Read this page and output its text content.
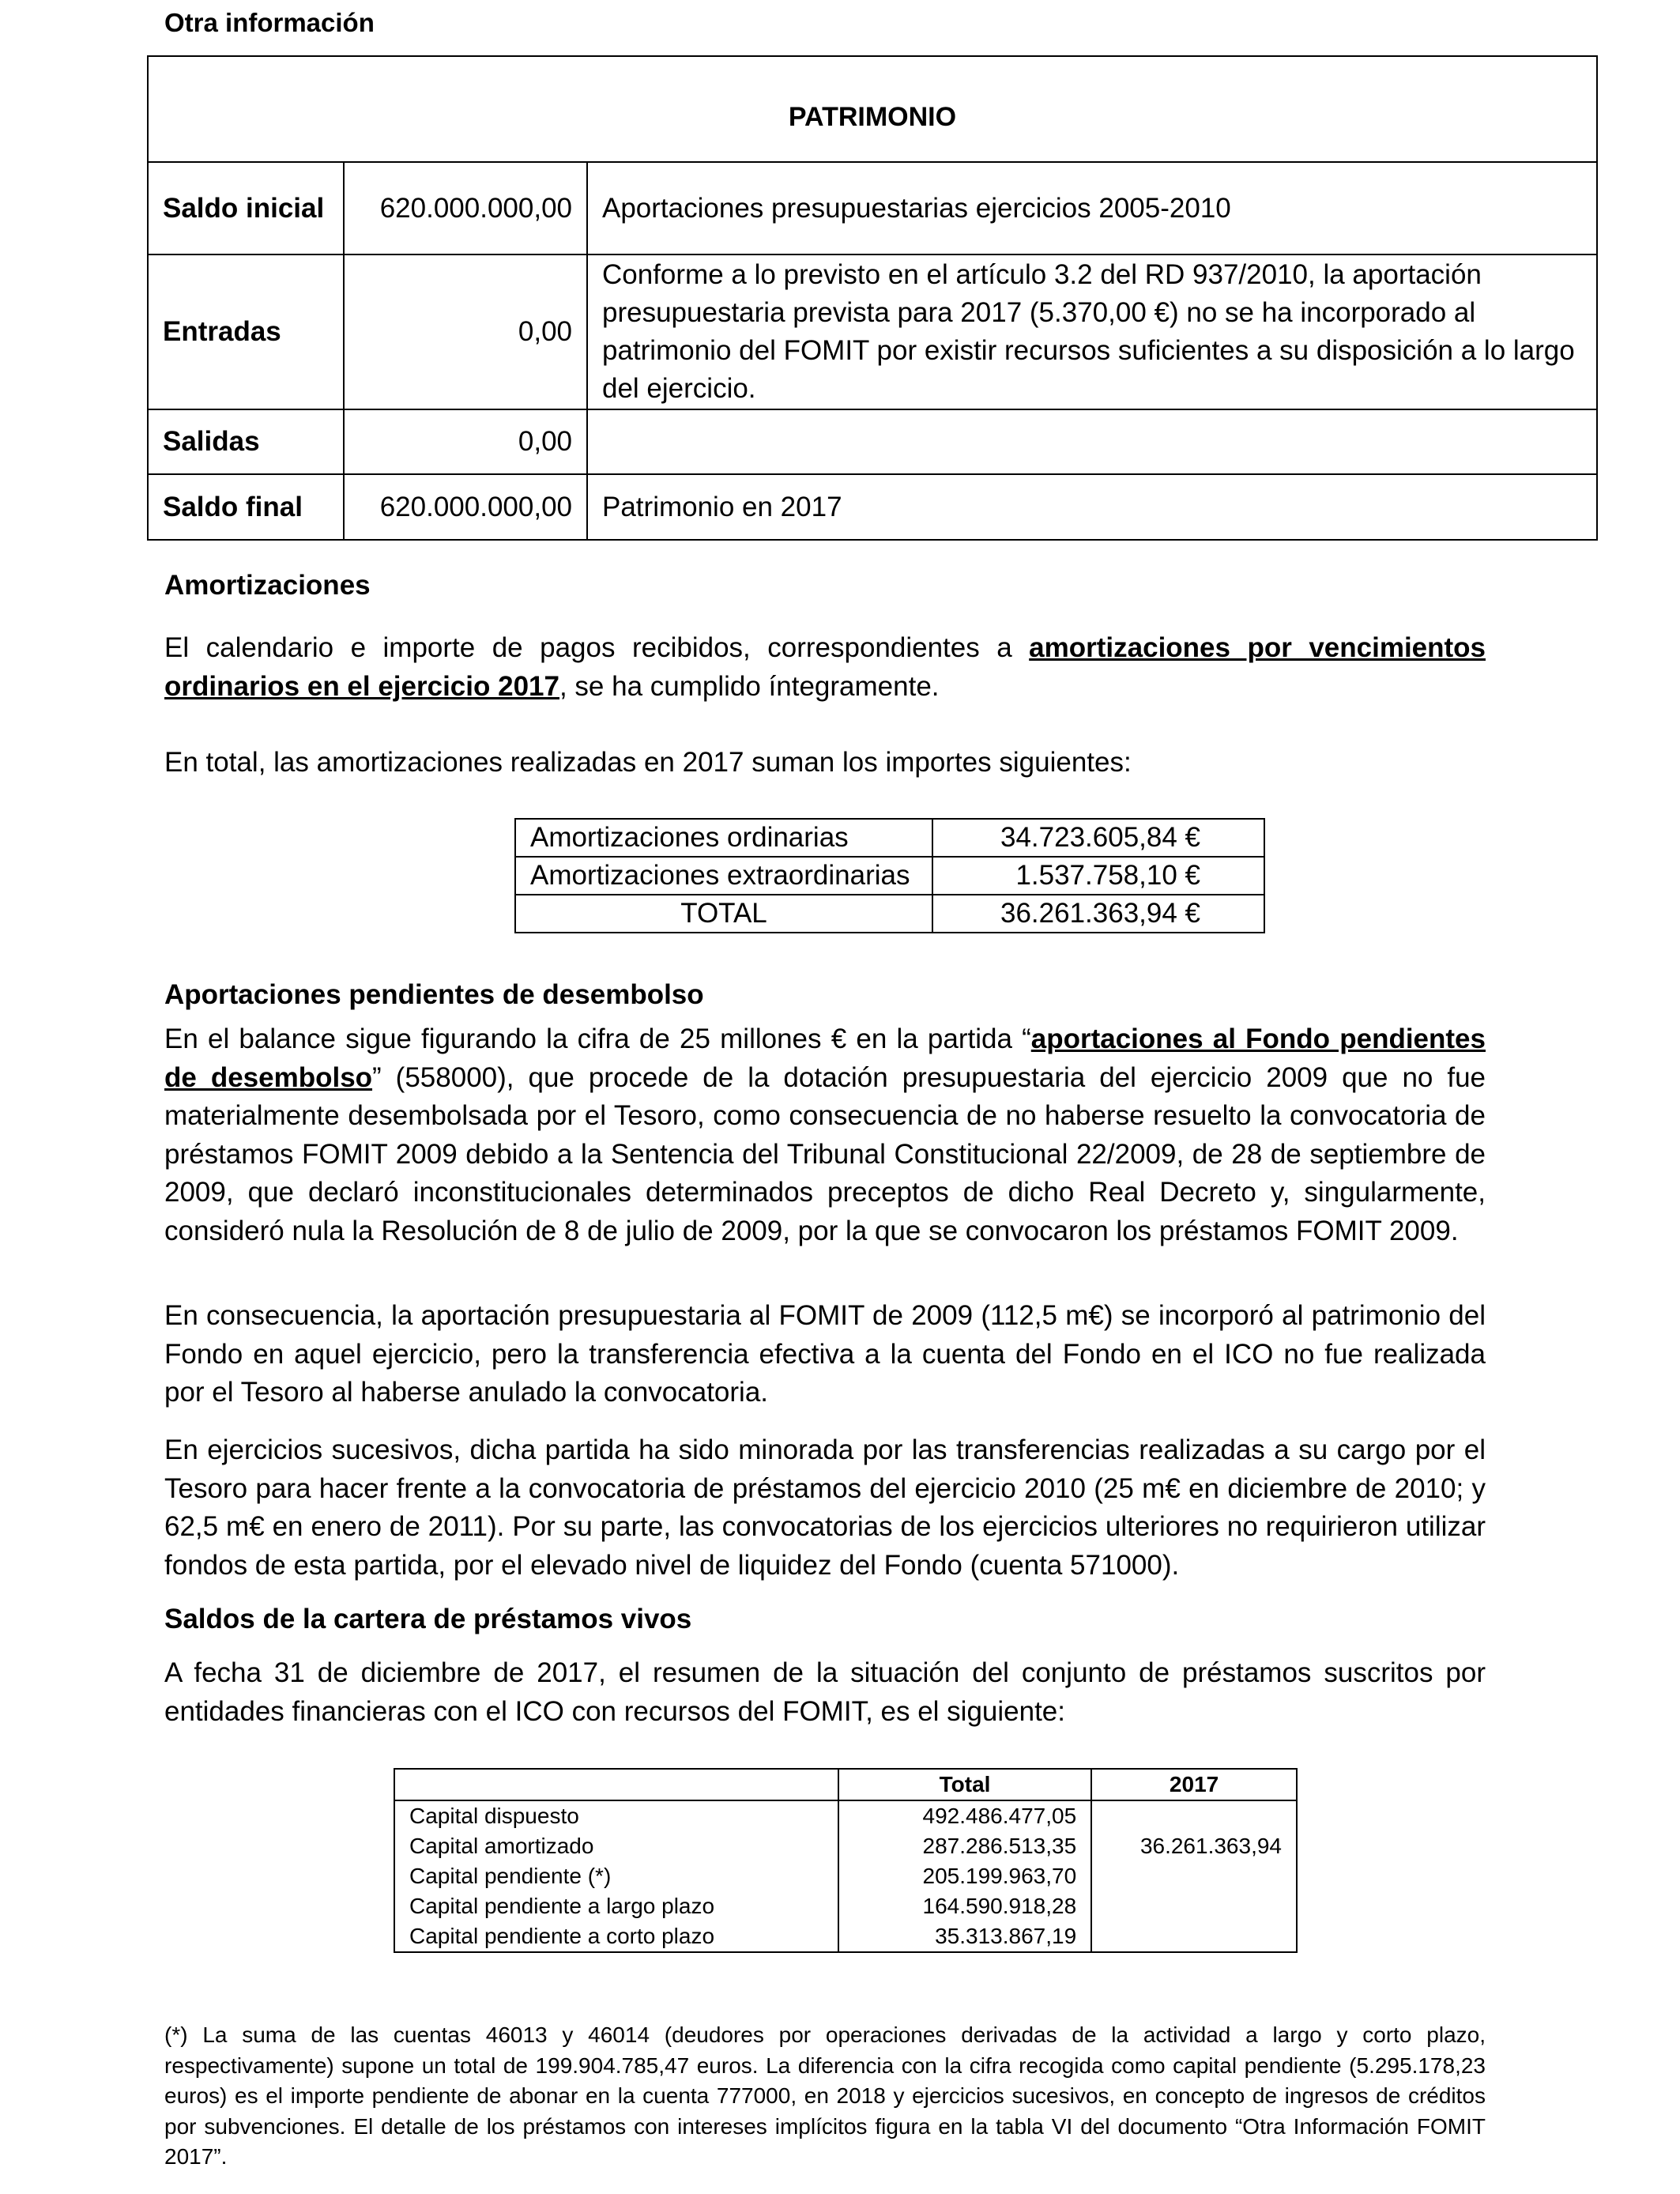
Otra información
PATRIMONIO		
Saldo inicial	620.000.000,00	Aportaciones presupuestarias ejercicios 2005-2010
Entradas	0,00	Conforme a lo previsto en el artículo 3.2 del RD 937/2010, la aportación presupuestaria prevista para 2017 (5.370,00 €) no se ha incorporado al patrimonio del FOMIT por existir recursos suficientes a su disposición a lo largo del ejercicio.
Salidas	0,00	
Saldo final	620.000.000,00	Patrimonio en 2017
Amortizaciones

El calendario e importe de pagos recibidos, correspondientes a amortizaciones por vencimientos ordinarios en el ejercicio 2017, se ha cumplido íntegramente.

En total, las amortizaciones realizadas en 2017 suman los importes siguientes:

Amortizaciones ordinarias	34.723.605,84 €
Amortizaciones extraordinarias	1.537.758,10 €
TOTAL	36.261.363,94 €
Aportaciones pendientes de desembolso

En el balance sigue figurando la cifra de 25 millones € en la partida “aportaciones al Fondo pendientes de desembolso” (558000), que procede de la dotación presupuestaria del ejercicio 2009 que no fue materialmente desembolsada por el Tesoro, como consecuencia de no haberse resuelto la convocatoria de préstamos FOMIT 2009 debido a la Sentencia del Tribunal Constitucional 22/2009, de 28 de septiembre de 2009, que declaró inconstitucionales determinados preceptos de dicho Real Decreto y, singularmente, consideró nula la Resolución de 8 de julio de 2009, por la que se convocaron los préstamos FOMIT 2009.

En consecuencia, la aportación presupuestaria al FOMIT de 2009 (112,5 m€) se incorporó al patrimonio del Fondo en aquel ejercicio, pero la transferencia efectiva a la cuenta del Fondo en el ICO no fue realizada por el Tesoro al haberse anulado la convocatoria.

En ejercicios sucesivos, dicha partida ha sido minorada por las transferencias realizadas a su cargo por el Tesoro para hacer frente a la convocatoria de préstamos del ejercicio 2010 (25 m€ en diciembre de 2010; y 62,5 m€ en enero de 2011). Por su parte, las convocatorias de los ejercicios ulteriores no requirieron utilizar fondos de esta partida, por el elevado nivel de liquidez del Fondo (cuenta 571000).

Saldos de la cartera de préstamos vivos

A fecha 31 de diciembre de 2017, el resumen de la situación del conjunto de préstamos suscritos por entidades financieras con el ICO con recursos del FOMIT, es el siguiente:

	Total	2017
Capital dispuesto	492.486.477,05	
Capital amortizado	287.286.513,35	36.261.363,94
Capital pendiente (*)	205.199.963,70	
Capital pendiente a largo plazo	164.590.918,28	
Capital pendiente a corto plazo	35.313.867,19	

(*) La suma de las cuentas 46013 y 46014 (deudores por operaciones derivadas de la actividad a largo y corto plazo, respectivamente) supone un total de 199.904.785,47 euros. La diferencia con la cifra recogida como capital pendiente (5.295.178,23 euros) es el importe pendiente de abonar en la cuenta 777000, en 2018 y ejercicios sucesivos, en concepto de ingresos de créditos por subvenciones. El detalle de los préstamos con intereses implícitos figura en la tabla VI del documento “Otra Información FOMIT 2017”.
